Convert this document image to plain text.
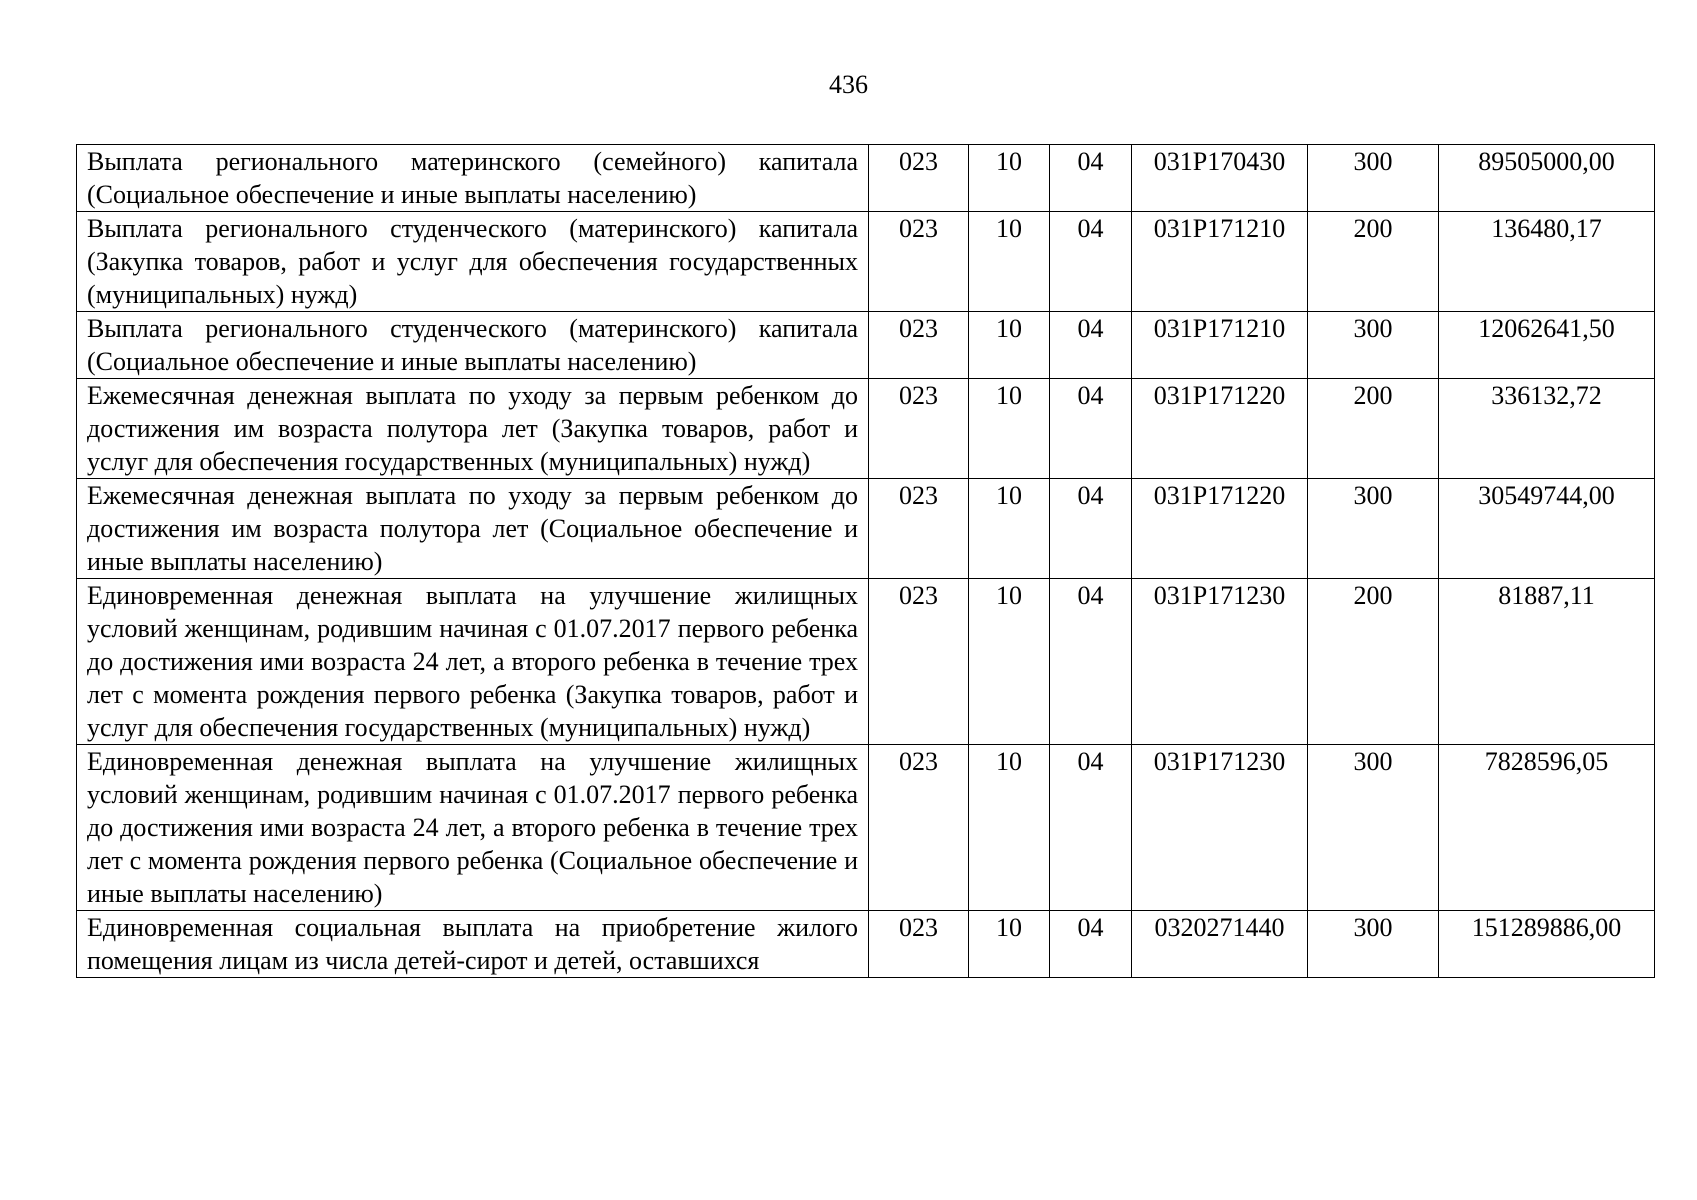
436
Выплата регионального материнского (семейного) капитала (Социальное обеспечение и иные выплаты населению)	023	10	04	031P170430	300	89505000,00
Выплата регионального студенческого (материнского) капитала (Закупка товаров, работ и услуг для обеспечения государственных (муниципальных) нужд)	023	10	04	031P171210	200	136480,17
Выплата регионального студенческого (материнского) капитала (Социальное обеспечение и иные выплаты населению)	023	10	04	031P171210	300	12062641,50
Ежемесячная денежная выплата по уходу за первым ребенком до достижения им возраста полутора лет (Закупка товаров, работ и услуг для обеспечения государственных (муниципальных) нужд)	023	10	04	031P171220	200	336132,72
Ежемесячная денежная выплата по уходу за первым ребенком до достижения им возраста полутора лет (Социальное обеспечение и иные выплаты населению)	023	10	04	031P171220	300	30549744,00
Единовременная денежная выплата на улучшение жилищных условий женщинам, родившим начиная с 01.07.2017 первого ребенка до достижения ими возраста 24 лет, а второго ребенка в течение трех лет с момента рождения первого ребенка (Закупка товаров, работ и услуг для обеспечения государственных (муниципальных) нужд)	023	10	04	031P171230	200	81887,11
Единовременная денежная выплата на улучшение жилищных условий женщинам, родившим начиная с 01.07.2017 первого ребенка до достижения ими возраста 24 лет, а второго ребенка в течение трех лет с момента рождения первого ребенка (Социальное обеспечение и иные выплаты населению)	023	10	04	031P171230	300	7828596,05
Единовременная социальная выплата на приобретение жилого помещения лицам из числа детей-сирот и детей, оставшихся	023	10	04	0320271440	300	151289886,00
